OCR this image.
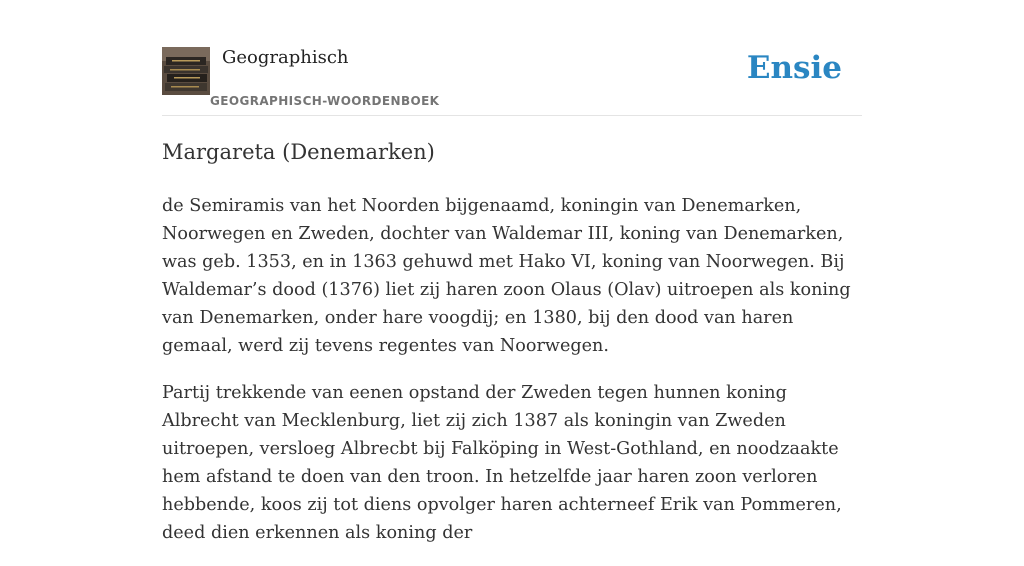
Geographisch
GEOGRAPHISCH-WOORDENBOEK
Ensie
Margareta (Denemarken)

de Semiramis van het Noorden bijgenaamd, koningin van Denemarken, Noorwegen en Zweden, dochter van Waldemar III, koning van Denemarken, was geb. 1353, en in 1363 gehuwd met Hako VI, koning van Noorwegen. Bij Waldemar’s dood (1376) liet zij haren zoon Olaus (Olav) uitroepen als koning van Denemarken, onder hare voogdij; en 1380, bij den dood van haren gemaal, werd zij tevens regentes van Noorwegen.

Partij trekkende van eenen opstand der Zweden tegen hunnen koning Albrecht van Mecklenburg, liet zij zich 1387 als koningin van Zweden uitroepen, versloeg Albrecbt bij Falköping in West-Gothland, en noodzaakte hem afstand te doen van den troon. In hetzelfde jaar haren zoon verloren hebbende, koos zij tot diens opvolger haren achterneef Erik van Pommeren, deed dien erkennen als koning der
